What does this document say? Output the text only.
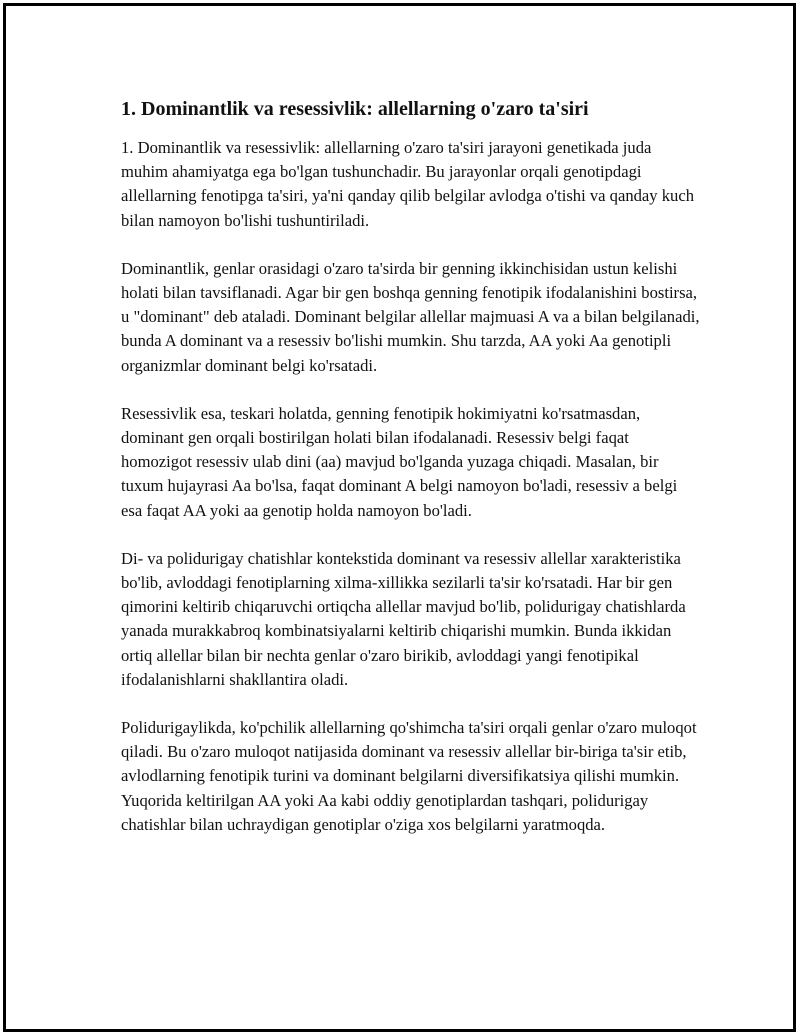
1. Dominantlik va resessivlik: allellarning o'zaro ta'siri

1. Dominantlik va resessivlik: allellarning o'zaro ta'siri jarayoni genetikada juda muhim ahamiyatga ega bo'lgan tushunchadir. Bu jarayonlar orqali genotipdagi allellarning fenotipga ta'siri, ya'ni qanday qilib belgilar avlodga o'tishi va qanday kuch bilan namoyon bo'lishi tushuntiriladi.

Dominantlik, genlar orasidagi o'zaro ta'sirda bir genning ikkinchisidan ustun kelishi holati bilan tavsiflanadi. Agar bir gen boshqa genning fenotipik ifodalanishini bostirsa, u "dominant" deb ataladi. Dominant belgilar allellar majmuasi A va a bilan belgilanadi, bunda A dominant va a resessiv bo'lishi mumkin. Shu tarzda, AA yoki Aa genotipli organizmlar dominant belgi ko'rsatadi.

Resessivlik esa, teskari holatda, genning fenotipik hokimiyatni ko'rsatmasdan, dominant gen orqali bostirilgan holati bilan ifodalanadi. Resessiv belgi faqat homozigot resessiv ulab dini (aa) mavjud bo'lganda yuzaga chiqadi. Masalan, bir tuxum hujayrasi Aa bo'lsa, faqat dominant A belgi namoyon bo'ladi, resessiv a belgi esa faqat AA yoki aa genotip holda namoyon bo'ladi.

Di- va polidurigay chatishlar kontekstida dominant va resessiv allellar xarakteristika bo'lib, avloddagi fenotiplarning xilma-xillikka sezilarli ta'sir ko'rsatadi. Har bir gen qimorini keltirib chiqaruvchi ortiqcha allellar mavjud bo'lib, polidurigay chatishlarda yanada murakkabroq kombinatsiyalarni keltirib chiqarishi mumkin. Bunda ikkidan ortiq allellar bilan bir nechta genlar o'zaro birikib, avloddagi yangi fenotipikal ifodalanishlarni shakllantira oladi.

Polidurigaylikda, ko'pchilik allellarning qo'shimcha ta'siri orqali genlar o'zaro muloqot qiladi. Bu o'zaro muloqot natijasida dominant va resessiv allellar bir-biriga ta'sir etib, avlodlarning fenotipik turini va dominant belgilarni diversifikatsiya qilishi mumkin. Yuqorida keltirilgan AA yoki Aa kabi oddiy genotiplardan tashqari, polidurigay chatishlar bilan uchraydigan genotiplar o'ziga xos belgilarni yaratmoqda.
